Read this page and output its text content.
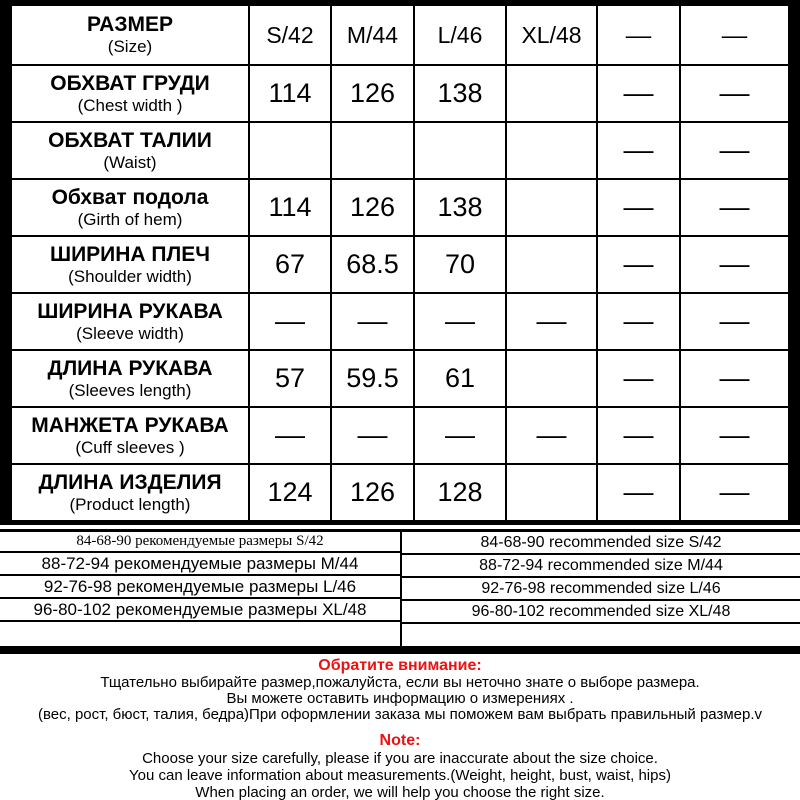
РАЗМЕР
(Size)	S/42	M/44	L/46	XL/48	––	––

ОБХВАТ ГРУДИ
(Chest width )	114	126	138		––	––

ОБХВАТ ТАЛИИ
(Waist)					––	––

Обхват подола
(Girth of hem)	114	126	138		––	––

ШИРИНА ПЛЕЧ
(Shoulder width)	67	68.5	70		––	––

ШИРИНА РУКАВА
(Sleeve width)	––	––	––	––	––	––

ДЛИНА РУКАВА
(Sleeves length)	57	59.5	61		––	––

МАНЖЕТА РУКАВА
(Cuff sleeves )	––	––	––	––	––	––

ДЛИНА ИЗДЕЛИЯ
(Product length)	124	126	128		––	––
84-68-90 рекомендуемые размеры S/42
88-72-94 рекомендуемые размеры M/44
92-76-98 рекомендуемые размеры L/46
96-80-102 рекомендуемые размеры XL/48
84-68-90 recommended size S/42
88-72-94 recommended size M/44
92-76-98 recommended size L/46
96-80-102 recommended size XL/48
Обратите внимание:
Тщательно выбирайте размер,пожалуйста, если вы неточно знате о выборе размера.
Вы можете оставить информацию о измерениях .
(вес, рост, бюст, талия, бедра)При оформлении заказа мы поможем вам выбрать правильный размер.v
Note:
Choose your size carefully, please if you are inaccurate about the size choice.
You can leave information about measurements.(Weight, height, bust, waist, hips)
When placing an order, we will help you choose the right size.
